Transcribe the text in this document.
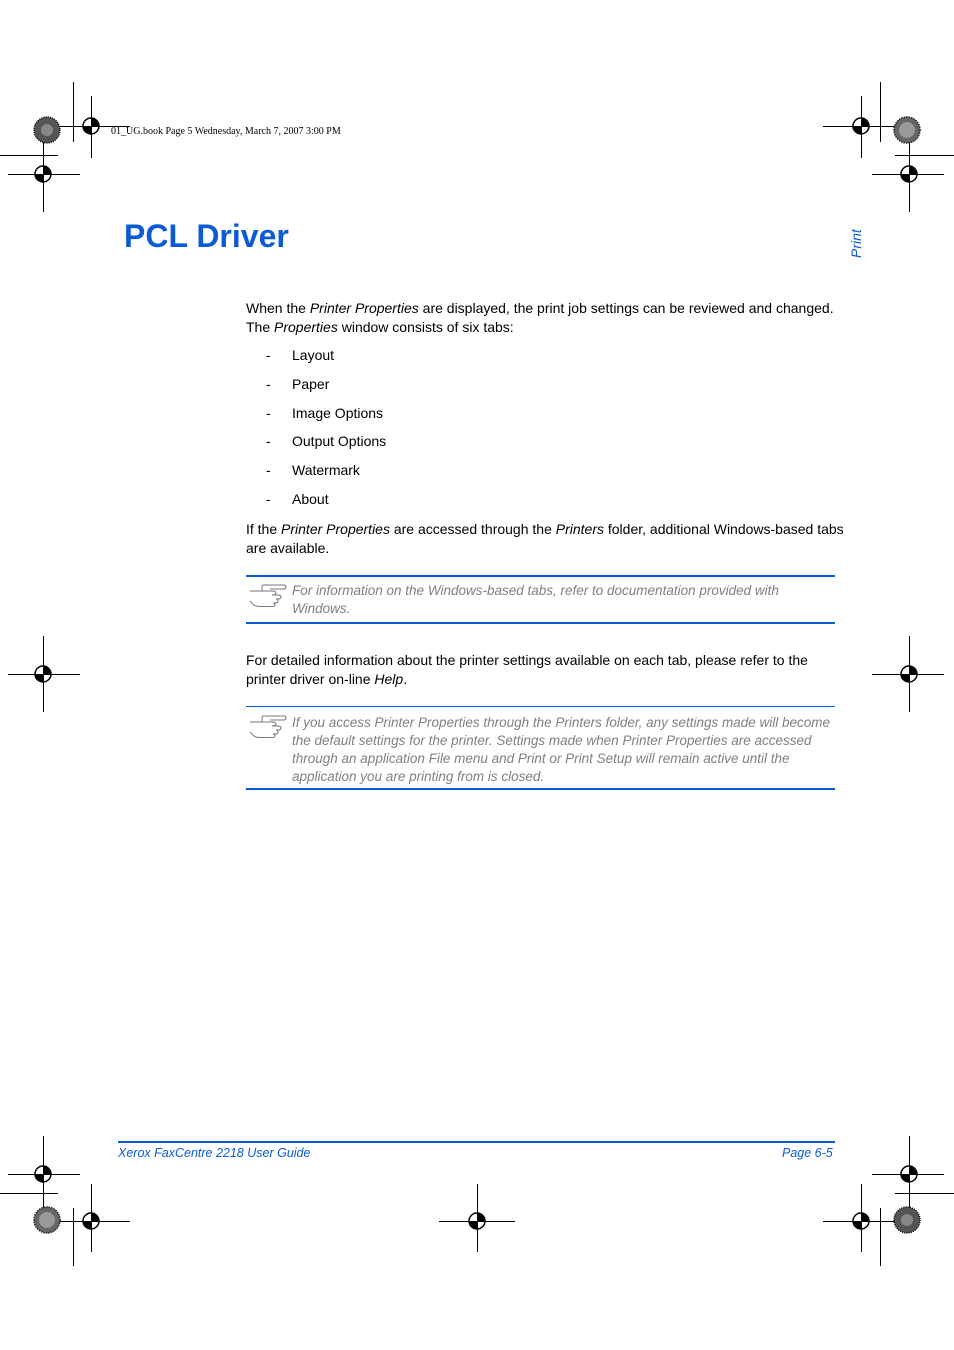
01_UG.book Page 5 Wednesday, March 7, 2007 3:00 PM
Print
PCL Driver
When the Printer Properties are displayed, the print job settings can be reviewed and changed. The Properties window consists of six tabs:
-	Layout
-	Paper
-	Image Options
-	Output Options
-	Watermark
-	About
If the Printer Properties are accessed through the Printers folder, additional Windows-based tabs are available.
For information on the Windows-based tabs, refer to documentation provided with Windows.
For detailed information about the printer settings available on each tab, please refer to the printer driver on-line Help.
If you access Printer Properties through the Printers folder, any settings made will become the default settings for the printer. Settings made when Printer Properties are accessed through an application File menu and Print or Print Setup will remain active until the application you are printing from is closed.
Xerox FaxCentre 2218 User Guide	Page 6-5
